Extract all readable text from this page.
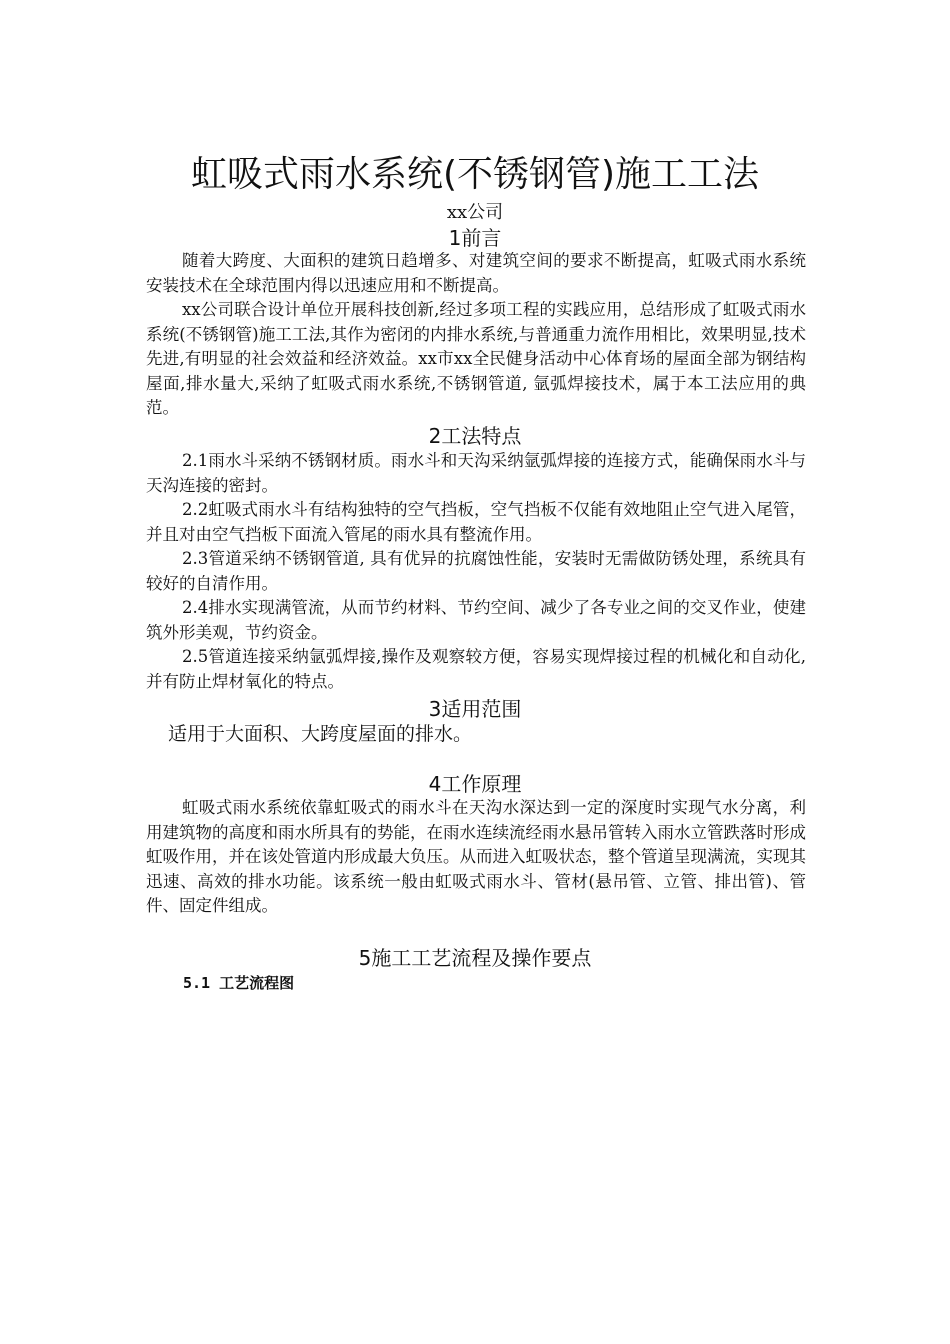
虹吸式雨水系统(不锈钢管)施工工法
xx公司
1前言

随着大跨度、大面积的建筑日趋增多、对建筑空间的要求不断提高，虹吸式雨水系统安装技术在全球范围内得以迅速应用和不断提高。

xx公司联合设计单位开展科技创新,经过多项工程的实践应用，总结形成了虹吸式雨水系统(不锈钢管)施工工法,其作为密闭的内排水系统,与普通重力流作用相比，效果明显,技术先进,有明显的社会效益和经济效益。xx市xx全民健身活动中心体育场的屋面全部为钢结构屋面,排水量大,采纳了虹吸式雨水系统,不锈钢管道, 氩弧焊接技术，属于本工法应用的典范。

2工法特点

2.1雨水斗采纳不锈钢材质。雨水斗和天沟采纳氩弧焊接的连接方式，能确保雨水斗与天沟连接的密封。

2.2虹吸式雨水斗有结构独特的空气挡板，空气挡板不仅能有效地阻止空气进入尾管，并且对由空气挡板下面流入管尾的雨水具有整流作用。

2.3管道采纳不锈钢管道, 具有优异的抗腐蚀性能，安装时无需做防锈处理，系统具有较好的自清作用。

2.4排水实现满管流，从而节约材料、节约空间、减少了各专业之间的交叉作业，使建筑外形美观，节约资金。

2.5管道连接采纳氩弧焊接,操作及观察较方便，容易实现焊接过程的机械化和自动化,并有防止焊材氧化的特点。

3适用范围

适用于大面积、大跨度屋面的排水。

4工作原理

虹吸式雨水系统依靠虹吸式的雨水斗在天沟水深达到一定的深度时实现气水分离，利用建筑物的高度和雨水所具有的势能，在雨水连续流经雨水悬吊管转入雨水立管跌落时形成虹吸作用，并在该处管道内形成最大负压。从而进入虹吸状态，整个管道呈现满流，实现其迅速、高效的排水功能。该系统一般由虹吸式雨水斗、管材(悬吊管、立管、排出管)、管件、固定件组成。

5施工工艺流程及操作要点
5.1 工艺流程图
